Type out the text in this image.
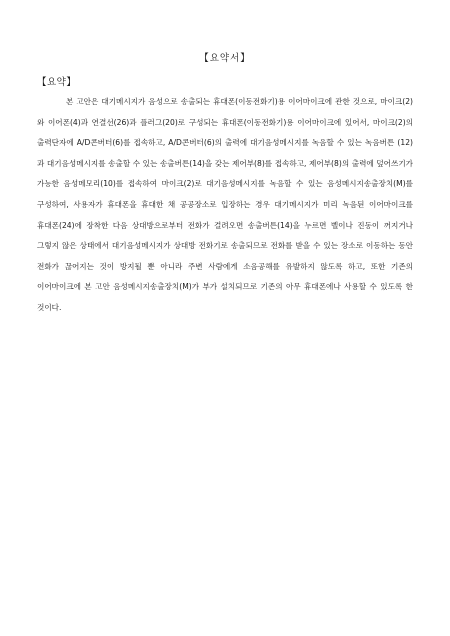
【요약서】
【요약】

본 고안은 대기메시지가 음성으로 송출되는 휴대폰(이동전화기)용 이어마이크에 관한 것으로, 마이크(2)와 이어폰(4)과 연결선(26)과 플러그(20)로 구성되는 휴대폰(이동전화기)용 이어마이크에 있어서, 마이크(2)의 출력단자에 A/D콘버터(6)를 접속하고, A/D콘버터(6)의 출력에 대기음성메시지를 녹음할 수 있는 녹음버튼 (12)과 대기음성메시지를 송출할 수 있는 송출버튼(14)을 갖는 제어부(8)를 접속하고, 제어부(8)의 출력에 덮어쓰기가 가능한 음성메모리(10)를 접속하여 마이크(2)로 대기음성메시지를 녹음할 수 있는 음성메시지송출장치(M)를 구성하여, 사용자가 휴대폰을 휴대한 채 공공장소로 입장하는 경우 대기메시지가 미리 녹음된 이어마이크를 휴대폰(24)에 장착한 다음 상대방으로부터 전화가 걸려오면 송출버튼(14)을 누르면 벨이나 진동이 꺼지거나 그렇지 않은 상태에서 대기음성메시지가 상대방 전화기로 송출되므로 전화를 받을 수 있는 장소로 이동하는 동안 전화가 끊어지는 것이 방지될 뿐 아니라 주변 사람에게 소음공해를 유발하지 않도록 하고, 또한 기존의 이어마이크에 본 고안 음성메시지송출장치(M)가 부가 설치되므로 기존의 아무 휴대폰에나 사용할 수 있도록 한 것이다.
